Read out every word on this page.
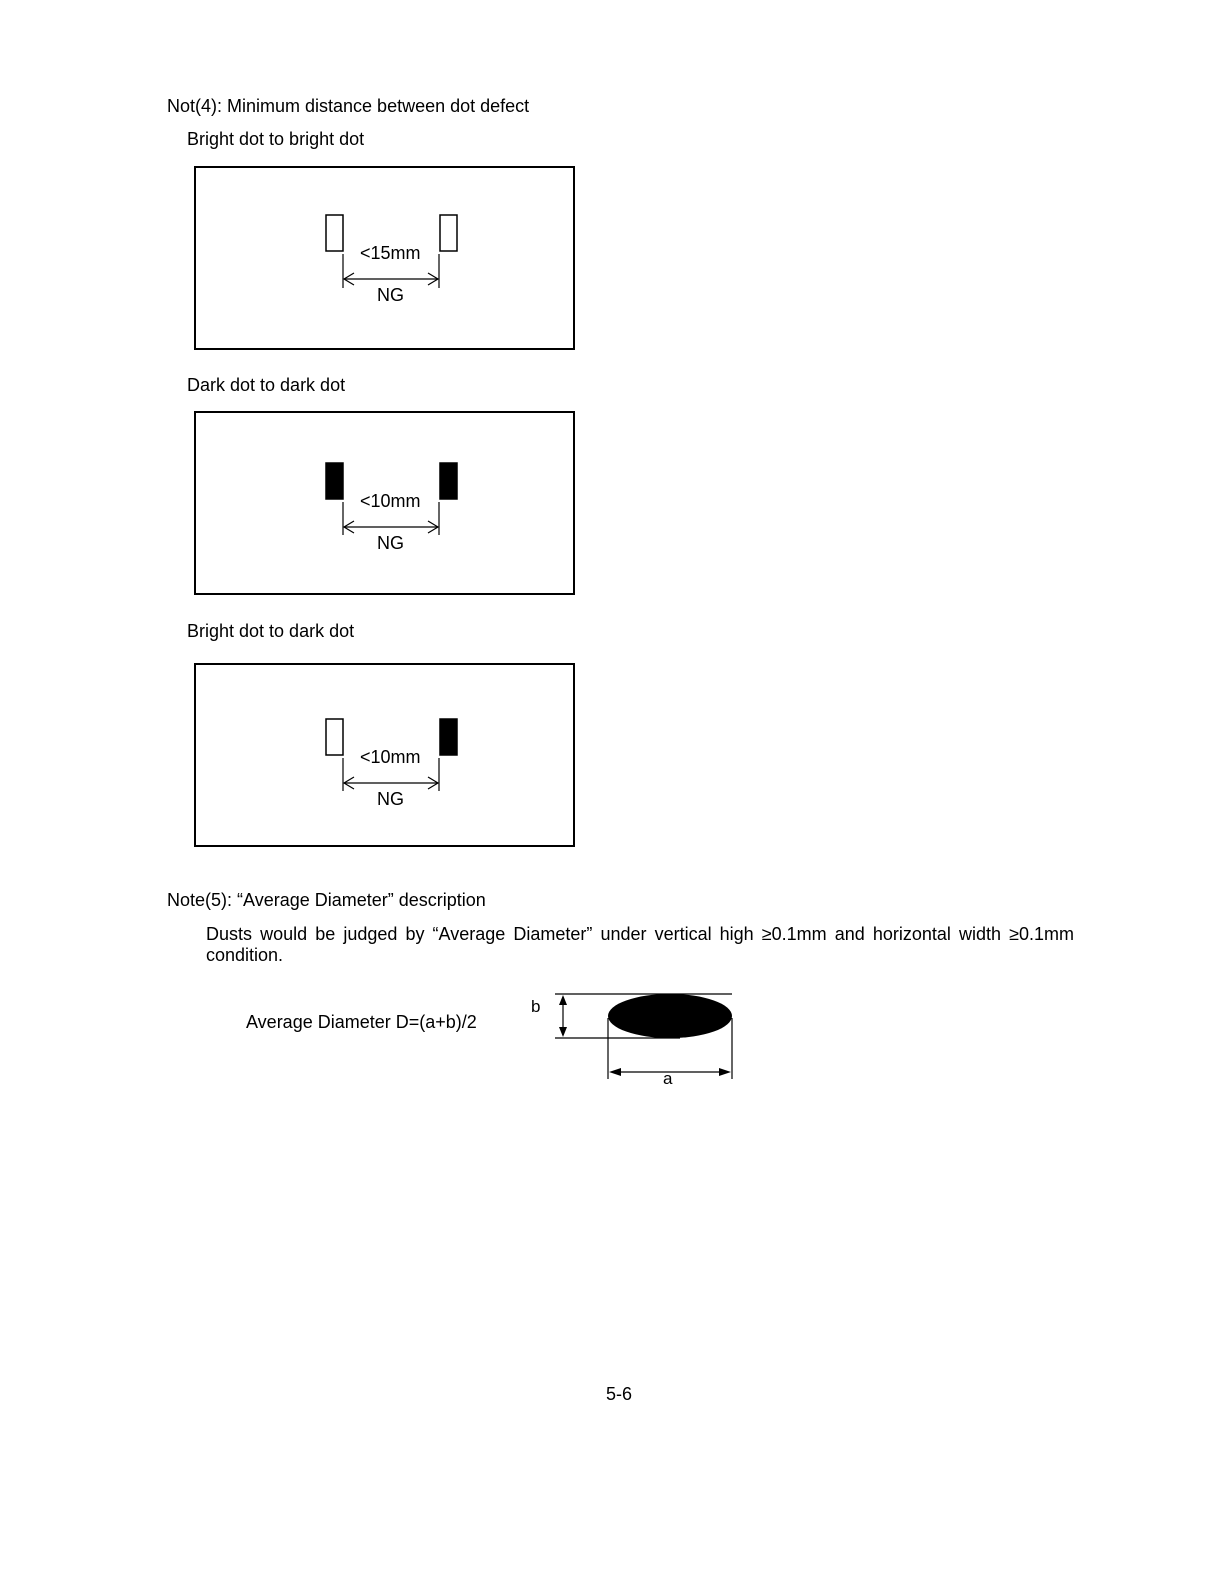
Not(4): Minimum distance between dot defect
Bright dot to bright dot
<15mm
NG
Dark dot to dark dot
<10mm
NG
Bright dot to dark dot
<10mm
NG
Note(5): “Average Diameter” description
Dusts would be judged by “Average Diameter” under vertical high ≥0.1mm and horizontal width ≥0.1mm condition.
Average Diameter D=(a+b)/2
b
a
5-6
